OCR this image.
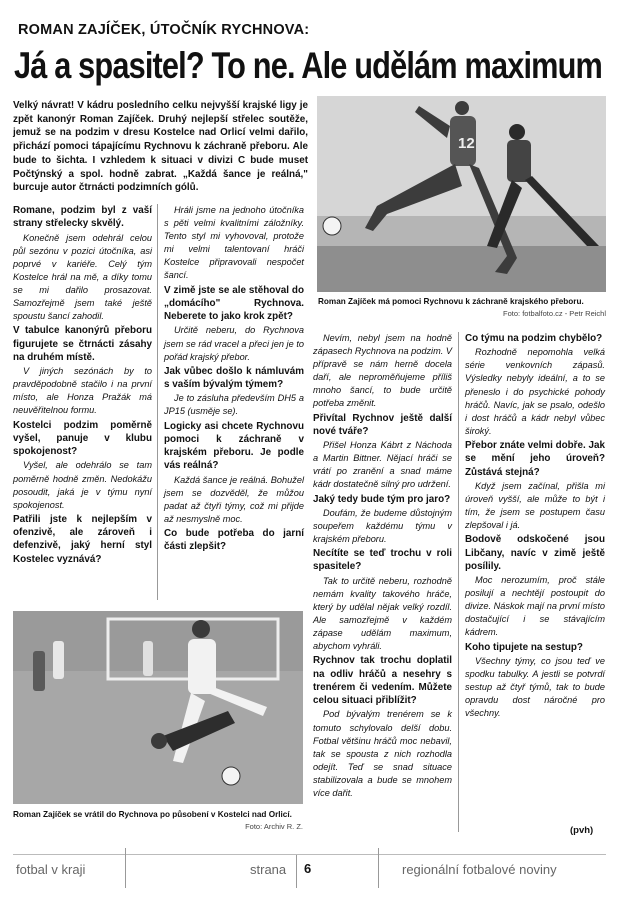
ROMAN ZAJÍČEK, ÚTOČNÍK RYCHNOVA:
Já a spasitel? To ne. Ale udělám maximum
Velký návrat! V kádru posledního celku nejvyšší krajské ligy je zpět kanonýr Roman Zajíček. Druhý nejlepší střelec soutěže, jemuž se na podzim v dresu Kostelce nad Orlicí velmi dařilo, přichází pomoci tápajícímu Rychnovu k záchraně přeboru. Ale bude to šichta. I vzhledem k situaci v divizi C bude muset Počtýnský a spol. hodně zabrat. „Každá šance je reálná," burcuje autor čtrnácti podzimních gólů.
12
Roman Zajíček má pomoci Rychnovu k záchraně krajského přeboru.
Foto: fotbalfoto.cz - Petr Reichl

Romane, podzim byl z vaší strany střelecky skvělý.

Konečně jsem odehrál celou půl sezónu v pozici útočníka, asi poprvé v kariéře. Celý tým Kostelce hrál na mě, a díky tomu se mi dařilo prosazovat. Samozřejmě jsem také ještě spoustu šancí zahodil.

V tabulce kanonýrů přeboru figurujete se čtrnácti zásahy na druhém místě.

V jiných sezónách by to pravděpodobně stačilo i na první místo, ale Honza Pražák má neuvěřitelnou formu.

Kostelci podzim poměrně vyšel, panuje v klubu spokojenost?

Vyšel, ale odehrálo se tam poměrně hodně změn. Nedokážu posoudit, jaká je v týmu nyní spokojenost.

Patřili jste k nejlepším v ofenzivě, ale zároveň i defenzivě, jaký herní styl Kostelec vyznává?

Hráli jsme na jednoho útočníka s pěti velmi kvalitními záložníky. Tento styl mi vyhovoval, protože mi velmi talentovaní hráči Kostelce připravovali nespočet šancí.

V zimě jste se ale stěhoval do „domácího" Rychnova. Neberete to jako krok zpět?

Určitě neberu, do Rychnova jsem se rád vracel a přeci jen je to pořád krajský přebor.

Jak vůbec došlo k námluvám s vaším bývalým týmem?

Je to zásluha především DH5 a JP15 (usměje se).

Logicky asi chcete Rychnovu pomoci k záchraně v krajském přeboru. Je podle vás reálná?

Každá šance je reálná. Bohužel jsem se dozvěděl, že můžou padat až čtyři týmy, což mi přijde až nesmyslně moc.

Co bude potřeba do jarní části zlepšit?

Roman Zajíček se vrátil do Rychnova po působení v Kostelci nad Orlicí.
Foto: Archiv R. Z.

Nevím, nebyl jsem na hodně zápasech Rychnova na podzim. V přípravě se nám herně docela daří, ale neproměňujeme příliš mnoho šancí, to bude určitě potřeba změnit.

Přivítal Rychnov ještě další nové tváře?

Přišel Honza Kábrt z Náchoda a Martin Bittner. Nějací hráči se vrátí po zranění a snad máme kádr dostatečně silný pro udržení.

Jaký tedy bude tým pro jaro?

Doufám, že budeme důstojným soupeřem každému týmu v krajském přeboru.

Necítíte se teď trochu v roli spasitele?

Tak to určitě neberu, rozhodně nemám kvality takového hráče, který by udělal nějak velký rozdíl. Ale samozřejmě v každém zápase udělám maximum, abychom vyhráli.

Rychnov tak trochu doplatil na odliv hráčů a nesehry s trenérem či vedením. Můžete celou situaci přiblížit?

Pod bývalým trenérem se k tomuto schylovalo delší dobu. Fotbal většinu hráčů moc nebavil, tak se spousta z nich rozhodla odejít. Teď se snad situace stabilizovala a bude se mnohem více dařit.

Co týmu na podzim chybělo?

Rozhodně nepomohla velká série venkovních zápasů. Výsledky nebyly ideální, a to se přeneslo i do psychické pohody hráčů. Navíc, jak se psalo, odešlo i dost hráčů a kádr nebyl vůbec široký.

Přebor znáte velmi dobře. Jak se mění jeho úroveň? Zůstává stejná?

Když jsem začínal, přišla mi úroveň vyšší, ale může to být i tím, že jsem se postupem času zlepšoval i já.

Bodově odskočené jsou Libčany, navíc v zimě ještě posílily.

Moc nerozumím, proč stále posilují a nechtějí postoupit do divize. Náskok mají na první místo dostačující i se stávajícím kádrem.

Koho tipujete na sestup?

Všechny týmy, co jsou teď ve spodku tabulky. A jestli se potvrdí sestup až čtyř týmů, tak to bude opravdu dost náročné pro všechny.

(pvh)
fotbal v kraji	strana 6	regionální fotbalové noviny
